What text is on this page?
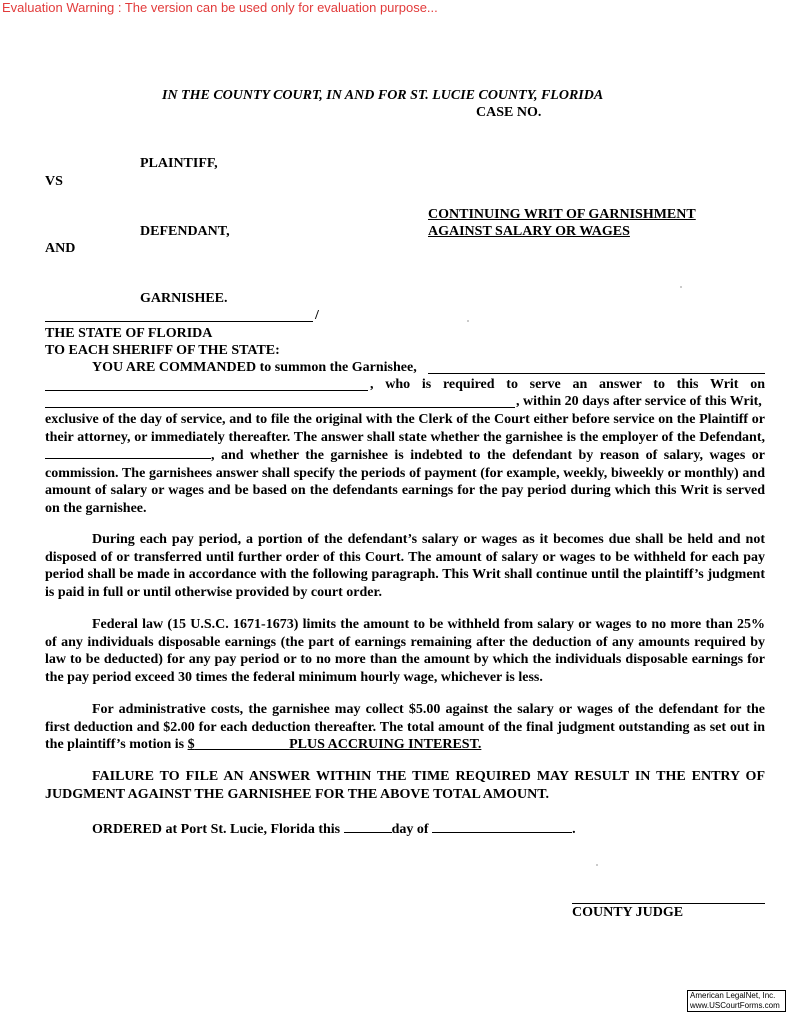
Evaluation Warning : The version can be used only for evaluation purpose...
IN THE COUNTY COURT, IN AND FOR ST. LUCIE COUNTY, FLORIDA
CASE NO.
PLAINTIFF,
VS
CONTINUING WRIT OF GARNISHMENT
AGAINST SALARY OR WAGES
DEFENDANT,
AND
GARNISHEE.
/
THE STATE OF FLORIDA
TO EACH SHERIFF OF THE STATE:
YOU ARE COMMANDED to summon the Garnishee,
, who is required to serve an answer to this Writ on
, within 20 days after service of this Writ,
exclusive of the day of service, and to file the original with the Clerk of the Court either before service on the Plaintiff or their attorney, or immediately thereafter. The answer shall state whether the garnishee is the employer of the Defendant, , and whether the garnishee is indebted to the defendant by reason of salary, wages or commission. The garnishees answer shall specify the periods of payment (for example, weekly, biweekly or monthly) and amount of salary or wages and be based on the defendants earnings for the pay period during which this Writ is served on the garnishee.
During each pay period, a portion of the defendant’s salary or wages as it becomes due shall be held and not disposed of or transferred until further order of this Court. The amount of salary or wages to be withheld for each pay period shall be made in accordance with the following paragraph. This Writ shall continue until the plaintiff’s judgment is paid in full or until otherwise provided by court order.
Federal law (15 U.S.C. 1671-1673) limits the amount to be withheld from salary or wages to no more than 25% of any individuals disposable earnings (the part of earnings remaining after the deduction of any amounts required by law to be deducted) for any pay period or to no more than the amount by which the individuals disposable earnings for the pay period exceed 30 times the federal minimum hourly wage, whichever is less.
For administrative costs, the garnishee may collect $5.00 against the salary or wages of the defendant for the first deduction and $2.00 for each deduction thereafter. The total amount of the final judgment outstanding as set out in the plaintiff’s motion is $	PLUS ACCRUING INTEREST.
FAILURE TO FILE AN ANSWER WITHIN THE TIME REQUIRED MAY RESULT IN THE ENTRY OF JUDGMENT AGAINST THE GARNISHEE FOR THE ABOVE TOTAL AMOUNT.
ORDERED at Port St. Lucie, Florida this	day of	.
COUNTY JUDGE
American LegalNet, Inc.
www.USCourtForms.com
